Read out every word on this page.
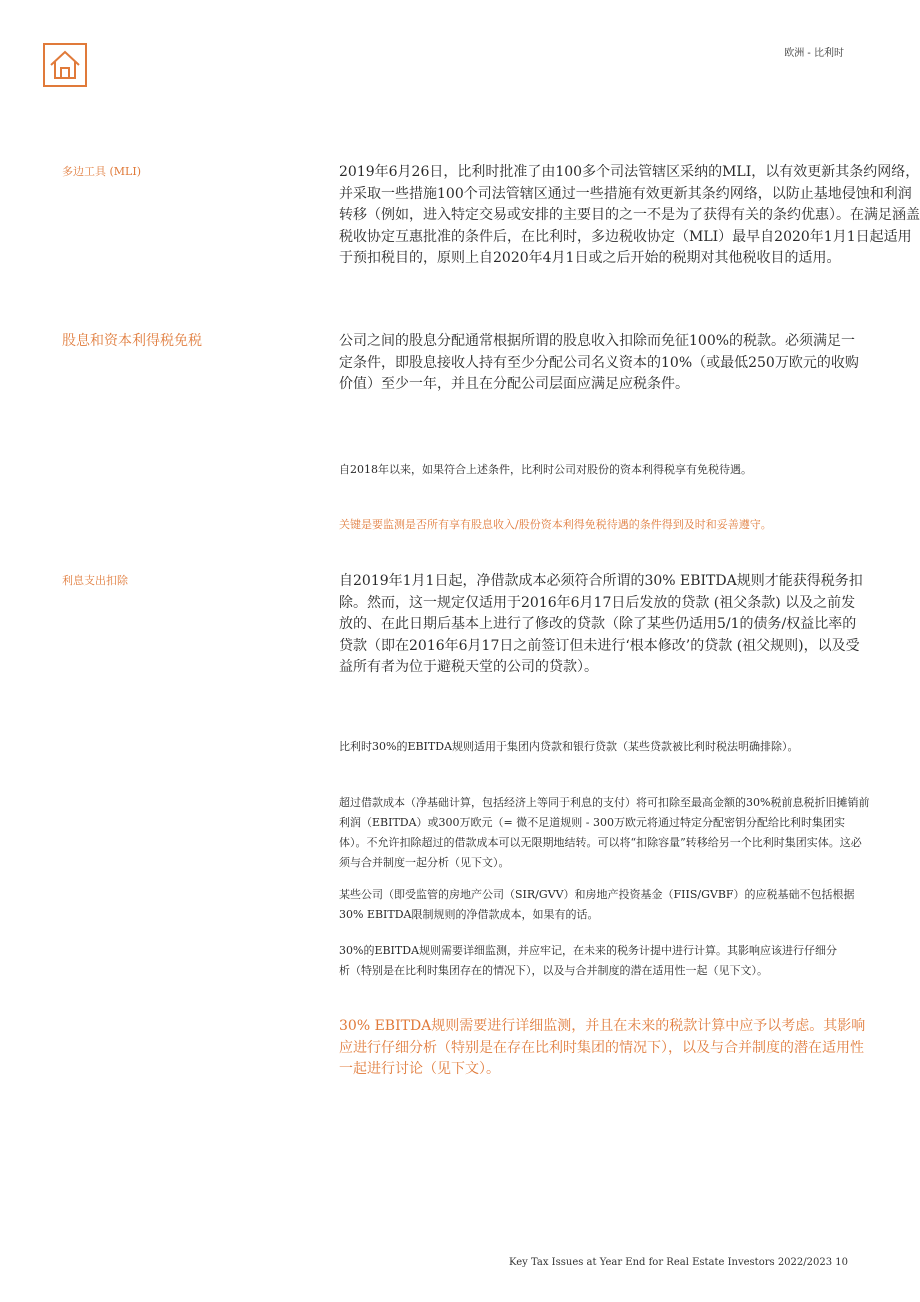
欧洲 - 比利时
多边工具 (MLI)	2019年6月26日，比利时批准了由100多个司法管辖区采纳的MLI，以有效更新其条约网络，并采取一些措施100个司法管辖区通过一些措施有效更新其条约网络，以防止基地侵蚀和利润转移（例如，进入特定交易或安排的主要目的之一不是为了获得有关的条约优惠）。在满足涵盖税收协定互惠批准的条件后，在比利时，多边税收协定（MLI）最早自2020年1月1日起适用于预扣税目的，原则上自2020年4月1日或之后开始的税期对其他税收目的适用。

股息和资本利得税免税	公司之间的股息分配通常根据所谓的股息收入扣除而免征100%的税款。必须满足一定条件，即股息接收人持有至少分配公司名义资本的10%（或最低250万欧元的收购价值）至少一年，并且在分配公司层面应满足应税条件。
自2018年以来，如果符合上述条件，比利时公司对股份的资本利得税享有免税待遇。
关键是要监测是否所有享有股息收入/股份资本利得免税待遇的条件得到及时和妥善遵守。
利息支出扣除	自2019年1月1日起，净借款成本必须符合所谓的30% EBITDA规则才能获得税务扣除。然而，这一规定仅适用于2016年6月17日后发放的贷款 (祖父条款) 以及之前发放的、在此日期后基本上进行了修改的贷款（除了某些仍适用5/1的债务/权益比率的贷款（即在2016年6月17日之前签订但未进行‘根本修改’的贷款 (祖父规则)，以及受益所有者为位于避税天堂的公司的贷款）。
比利时30%的EBITDA规则适用于集团内贷款和银行贷款（某些贷款被比利时税法明确排除）。
超过借款成本（净基础计算，包括经济上等同于利息的支付）将可扣除至最高金额的30%税前息税折旧摊销前利润（EBITDA）或300万欧元（= 微不足道规则 - 300万欧元将通过特定分配密钥分配给比利时集团实体）。不允许扣除超过的借款成本可以无限期地结转。可以将“扣除容量”转移给另一个比利时集团实体。这必须与合并制度一起分析（见下文）。
某些公司（即受监管的房地产公司（SIR/GVV）和房地产投资基金（FIIS/GVBF）的应税基础不包括根据30% EBITDA限制规则的净借款成本，如果有的话。
30%的EBITDA规则需要详细监测，并应牢记，在未来的税务计提中进行计算。其影响应该进行仔细分析（特别是在比利时集团存在的情况下），以及与合并制度的潜在适用性一起（见下文）。
30% EBITDA规则需要进行详细监测，并且在未来的税款计算中应予以考虑。其影响应进行仔细分析（特别是在存在比利时集团的情况下），以及与合并制度的潜在适用性一起进行讨论（见下文）。
Key Tax Issues at Year End for Real Estate Investors 2022/2023 10
